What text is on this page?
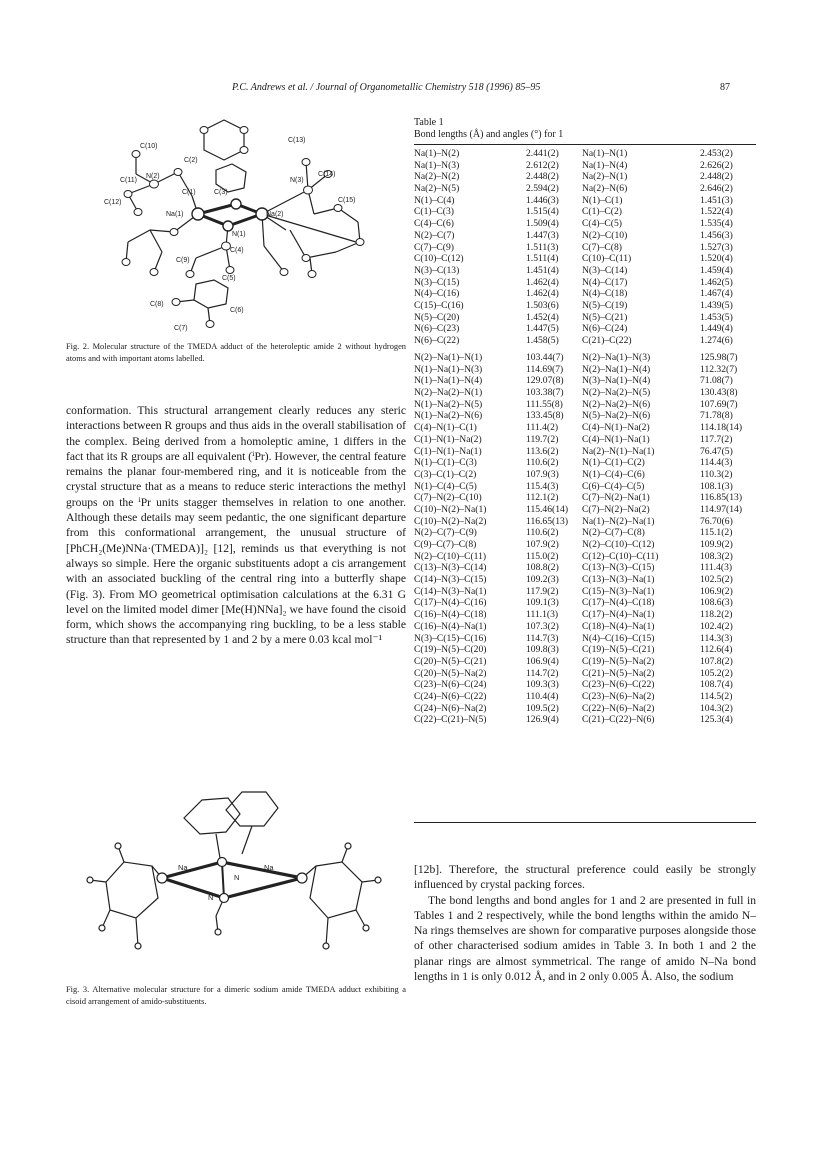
P.C. Andrews et al. / Journal of Organometallic Chemistry 518 (1996) 85–95	87
C(10)
C(13)
C(2)
C(11)
N(2)	C(14)
N(3)
C(1)	C(3)
C(15)
C(12)
Na(1)	Na(2)
N(1)
C(4)
C(9)
C(5)
C(8)
C(6)
C(7)
Fig. 2. Molecular structure of the TMEDA adduct of the heteroleptic amide 2 without hydrogen atoms and with important atoms labelled.

conformation. This structural arrangement clearly reduces any steric interactions between R groups and thus aids in the overall stabilisation of the complex. Being derived from a homoleptic amine, 1 differs in the fact that its R groups are all equivalent (ⁱPr). However, the central feature remains the planar four-membered ring, and it is noticeable from the crystal structure that as a means to reduce steric interactions the methyl groups on the ⁱPr units stagger themselves in relation to one another. Although these details may seem pedantic, the one significant departure from this conformational arrangement, the unusual structure of [PhCH₂(Me)NNa·(TMEDA)]₂ [12], reminds us that everything is not always so simple. Here the organic substituents adopt a cis arrangement with an associated buckling of the central ring into a butterfly shape (Fig. 3). From MO geometrical optimisation calculations at the 6.31 G level on the limited model dimer [Me(H)NNa]₂ we have found the cisoid form, which shows the accompanying ring buckling, to be a less stable structure than that represented by 1 and 2 by a mere 0.03 kcal mol⁻¹

Na	Na
N
N
Fig. 3. Alternative molecular structure for a dimeric sodium amide TMEDA adduct exhibiting a cisoid arrangement of amido-substituents.
Table 1
Bond lengths (Å) and angles (°) for 1
Na(1)–N(2)	2.441(2) Na(1)–N(1)	2.453(2)
Na(1)–N(3)	2.612(2) Na(1)–N(4)	2.626(2)
Na(2)–N(2)	2.448(2) Na(2)–N(1)	2.448(2)
Na(2)–N(5)	2.594(2) Na(2)–N(6)	2.646(2)
N(1)–C(4)	1.446(3) N(1)–C(1)	1.451(3)
C(1)–C(3)	1.515(4) C(1)–C(2)	1.522(4)
C(4)–C(6)	1.509(4) C(4)–C(5)	1.535(4)
N(2)–C(7)	1.447(3) N(2)–C(10)	1.456(3)
C(7)–C(9)	1.511(3) C(7)–C(8)	1.527(3)
C(10)–C(12)	1.511(4) C(10)–C(11)	1.520(4)
N(3)–C(13)	1.451(4) N(3)–C(14)	1.459(4)
N(3)–C(15)	1.462(4) N(4)–C(17)	1.462(5)
N(4)–C(16)	1.462(4) N(4)–C(18)	1.467(4)
C(15)–C(16)	1.503(6) N(5)–C(19)	1.439(5)
N(5)–C(20)	1.452(4) N(5)–C(21)	1.453(5)
N(6)–C(23)	1.447(5) N(6)–C(24)	1.449(4)
N(6)–C(22)	1.458(5) C(21)–C(22)	1.274(6)
N(2)–Na(1)–N(1)	103.44(7) N(2)–Na(1)–N(3)	125.98(7)
N(1)–Na(1)–N(3)	114.69(7) N(2)–Na(1)–N(4)	112.32(7)
N(1)–Na(1)–N(4)	129.07(8) N(3)–Na(1)–N(4)	71.08(7)
N(2)–Na(2)–N(1)	103.38(7) N(2)–Na(2)–N(5)	130.43(8)
N(1)–Na(2)–N(5)	111.55(8) N(2)–Na(2)–N(6)	107.69(7)
N(1)–Na(2)–N(6)	133.45(8) N(5)–Na(2)–N(6)	71.78(8)
C(4)–N(1)–C(1)	111.4(2) C(4)–N(1)–Na(2)	114.18(14)
C(1)–N(1)–Na(2)	119.7(2) C(4)–N(1)–Na(1)	117.7(2)
C(1)–N(1)–Na(1)	113.6(2) Na(2)–N(1)–Na(1)	76.47(5)
N(1)–C(1)–C(3)	110.6(2) N(1)–C(1)–C(2)	114.4(3)
C(3)–C(1)–C(2)	107.9(3) N(1)–C(4)–C(6)	110.3(2)
N(1)–C(4)–C(5)	115.4(3) C(6)–C(4)–C(5)	108.1(3)
C(7)–N(2)–C(10)	112.1(2) C(7)–N(2)–Na(1)	116.85(13)
C(10)–N(2)–Na(1)	115.46(14) C(7)–N(2)–Na(2)	114.97(14)
C(10)–N(2)–Na(2)	116.65(13) Na(1)–N(2)–Na(1)	76.70(6)
N(2)–C(7)–C(9)	110.6(2) N(2)–C(7)–C(8)	115.1(2)
C(9)–C(7)–C(8)	107.9(2) N(2)–C(10)–C(12)	109.9(2)
N(2)–C(10)–C(11)	115.0(2) C(12)–C(10)–C(11)	108.3(2)
C(13)–N(3)–C(14)	108.8(2) C(13)–N(3)–C(15)	111.4(3)
C(14)–N(3)–C(15)	109.2(3) C(13)–N(3)–Na(1)	102.5(2)
C(14)–N(3)–Na(1)	117.9(2) C(15)–N(3)–Na(1)	106.9(2)
C(17)–N(4)–C(16)	109.1(3) C(17)–N(4)–C(18)	108.6(3)
C(16)–N(4)–C(18)	111.1(3) C(17)–N(4)–Na(1)	118.2(2)
C(16)–N(4)–Na(1)	107.3(2) C(18)–N(4)–Na(1)	102.4(2)
N(3)–C(15)–C(16)	114.7(3) N(4)–C(16)–C(15)	114.3(3)
C(19)–N(5)–C(20)	109.8(3) C(19)–N(5)–C(21)	112.6(4)
C(20)–N(5)–C(21)	106.9(4) C(19)–N(5)–Na(2)	107.8(2)
C(20)–N(5)–Na(2)	114.7(2) C(21)–N(5)–Na(2)	105.2(2)
C(23)–N(6)–C(24)	109.3(3) C(23)–N(6)–C(22)	108.7(4)
C(24)–N(6)–C(22)	110.4(4) C(23)–N(6)–Na(2)	114.5(2)
C(24)–N(6)–Na(2)	109.5(2) C(22)–N(6)–Na(2)	104.3(2)
C(22)–C(21)–N(5)	126.9(4) C(21)–C(22)–N(6)	125.3(4)

[12b]. Therefore, the structural preference could easily be strongly influenced by crystal packing forces.

The bond lengths and bond angles for 1 and 2 are presented in full in Tables 1 and 2 respectively, while the bond lengths within the amido N–Na rings themselves are shown for comparative purposes alongside those of other characterised sodium amides in Table 3. In both 1 and 2 the planar rings are almost symmetrical. The range of amido N–Na bond lengths in 1 is only 0.012 Å, and in 2 only 0.005 Å. Also, the sodium
